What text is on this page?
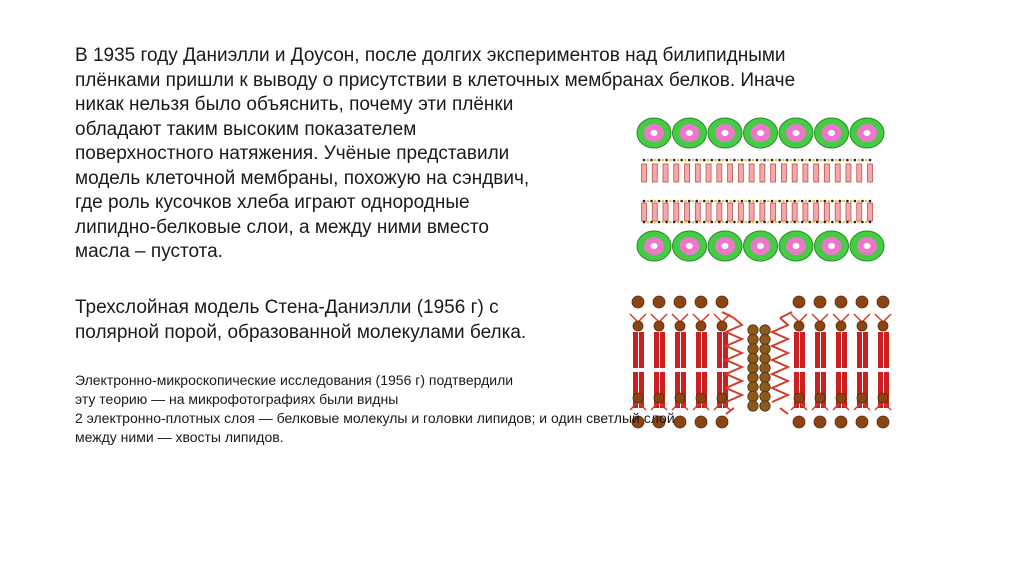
В 1935 году Даниэлли и Доусон, после долгих экспериментов над билипидными
плёнками пришли к выводу о присутствии в клеточных мембранах белков. Иначе
никак нельзя было объяснить, почему эти плёнки
обладают таким высоким показателем
поверхностного натяжения. Учёные представили
модель клеточной мембраны, похожую на сэндвич,
где роль кусочков хлеба играют однородные
липидно-белковые слои, а между ними вместо
масла – пустота.
Трехслойная модель Стена-Даниэлли (1956 г) с
полярной порой, образованной молекулами белка.
Электронно-микроскопические исследования (1956 г) подтвердили
эту теорию — на микрофотографиях были видны
2 электронно-плотных слоя — белковые молекулы и головки липидов; и один светлый слой
между ними — хвосты липидов.
